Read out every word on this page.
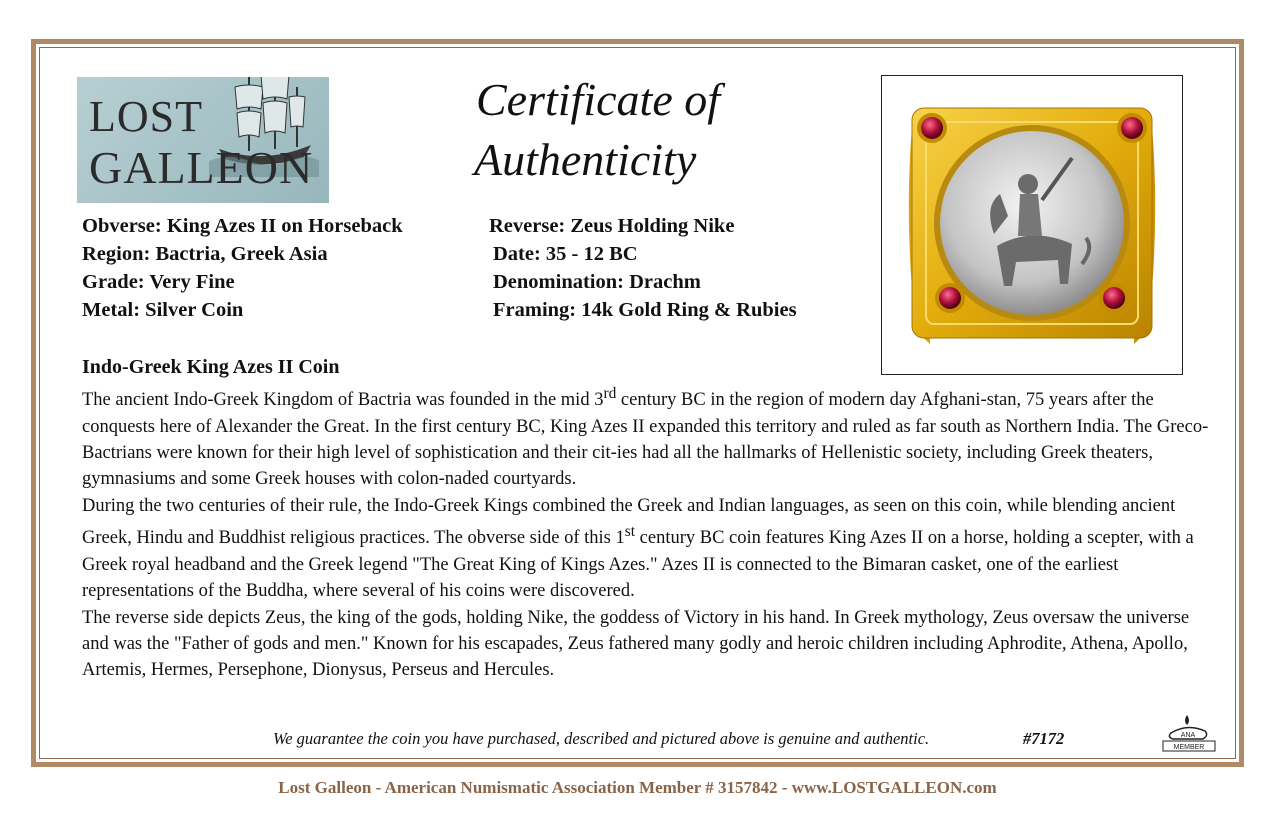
LOST
GALLEON
Certificate of
Authenticity
Obverse: King Azes II on Horseback
Region: Bactria, Greek Asia
Grade: Very Fine
Metal: Silver Coin
Reverse: Zeus Holding Nike
Date: 35 - 12 BC
Denomination: Drachm
Framing: 14k Gold Ring & Rubies
Indo-Greek King Azes II Coin

The ancient Indo-Greek Kingdom of Bactria was founded in the mid 3rd century BC in the region of modern day Afghani-stan, 75 years after the conquests here of Alexander the Great. In the first century BC, King Azes II expanded this territory and ruled as far south as Northern India. The Greco-Bactrians were known for their high level of sophistication and their cit-ies had all the hallmarks of Hellenistic society, including Greek theaters, gymnasiums and some Greek houses with colon-naded courtyards.

During the two centuries of their rule, the Indo-Greek Kings combined the Greek and Indian languages, as seen on this coin, while blending ancient Greek, Hindu and Buddhist religious practices. The obverse side of this 1st century BC coin features King Azes II on a horse, holding a scepter, with a Greek royal headband and the Greek legend "The Great King of Kings Azes." Azes II is connected to the Bimaran casket, one of the earliest representations of the Buddha, where several of his coins were discovered.

The reverse side depicts Zeus, the king of the gods, holding Nike, the goddess of Victory in his hand. In Greek mythology, Zeus oversaw the universe and was the "Father of gods and men." Known for his escapades, Zeus fathered many godly and heroic children including Aphrodite, Athena, Apollo, Artemis, Hermes, Persephone, Dionysus, Perseus and Hercules.

We guarantee the coin you have purchased, described and pictured above is genuine and authentic.	#7172	ANA
MEMBER
Lost Galleon - American Numismatic Association Member # 3157842 - www.LOSTGALLEON.com
